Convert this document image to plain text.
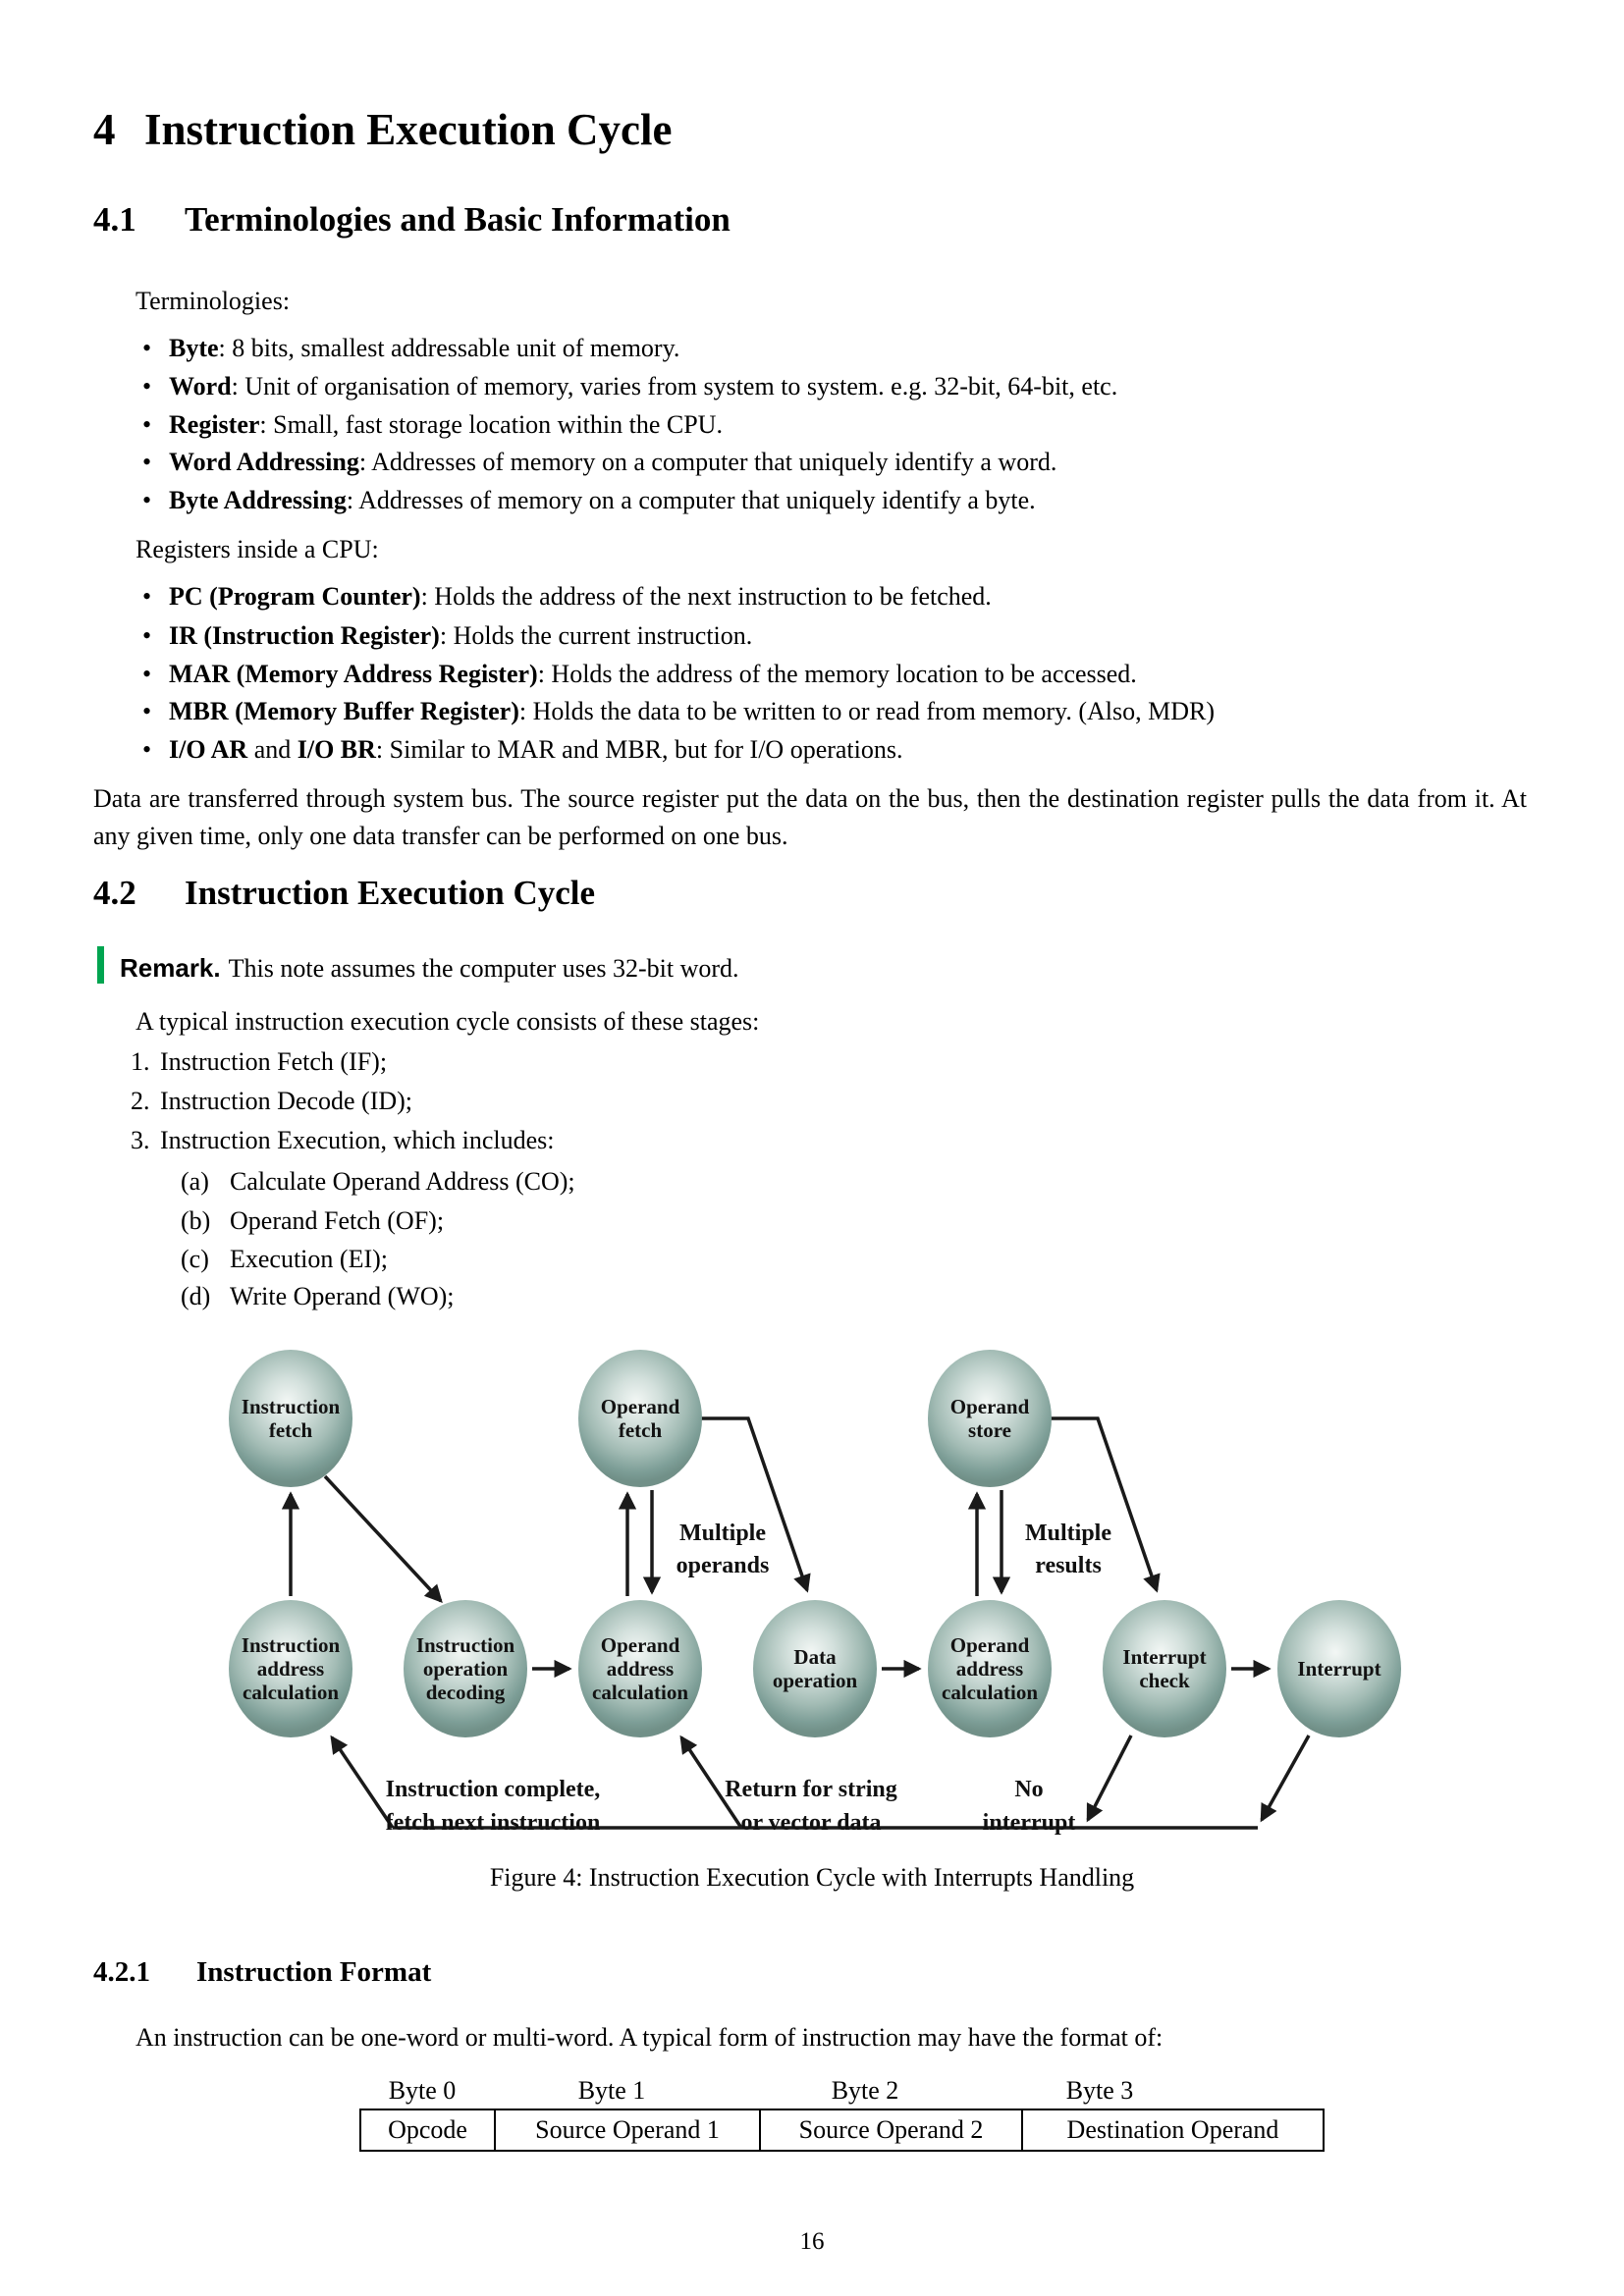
4 Instruction Execution Cycle
4.1	Terminologies and Basic Information
Terminologies:
• Byte: 8 bits, smallest addressable unit of memory.
• Word: Unit of organisation of memory, varies from system to system. e.g. 32-bit, 64-bit, etc.
• Register: Small, fast storage location within the CPU.
• Word Addressing: Addresses of memory on a computer that uniquely identify a word.
• Byte Addressing: Addresses of memory on a computer that uniquely identify a byte.
Registers inside a CPU:
• PC (Program Counter): Holds the address of the next instruction to be fetched.
• IR (Instruction Register): Holds the current instruction.
• MAR (Memory Address Register): Holds the address of the memory location to be accessed.
• MBR (Memory Buffer Register): Holds the data to be written to or read from memory. (Also, MDR)
• I/O AR and I/O BR: Similar to MAR and MBR, but for I/O operations.
Data are transferred through system bus. The source register put the data on the bus, then the destination register pulls the data from it. At any given time, only one data transfer can be performed on one bus.
4.2	Instruction Execution Cycle
Remark. This note assumes the computer uses 32-bit word.
A typical instruction execution cycle consists of these stages:
1. Instruction Fetch (IF);
2. Instruction Decode (ID);
3. Instruction Execution, which includes:
(a) Calculate Operand Address (CO);
(b) Operand Fetch (OF);
(c) Execution (EI);
(d) Write Operand (WO);
Instruction
fetch
Operand
fetch
Operand
store
Instruction
address
calculation
Instruction
operation
decoding
Operand
address
calculation
Data
operation
Operand
address
calculation
Interrupt
check	Interrupt
Multiple
operands
Multiple
results
Instruction complete,
fetch next instruction
Return for string
or vector data
No
interrupt
Figure 4: Instruction Execution Cycle with Interrupts Handling
4.2.1	Instruction Format
An instruction can be one-word or multi-word. A typical form of instruction may have the format of:
Byte 0	Byte 1	Byte 2	Byte 3
Opcode	Source Operand 1	Source Operand 2	Destination Operand
16
